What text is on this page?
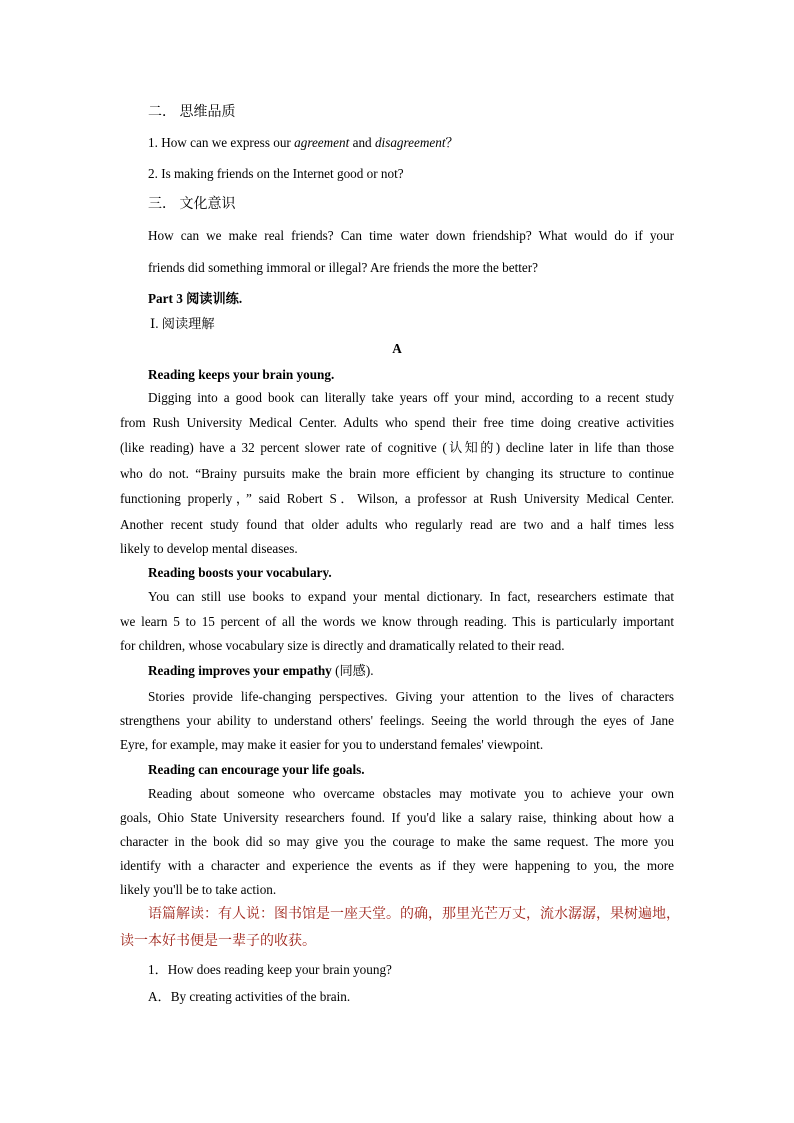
二． 思维品质
1. How can we express our agreement and disagreement？
2. Is making friends on the Internet good or not?
三． 文化意识
How can we make real friends? Can time water down friendship? What would do if your
friends did something immoral or illegal? Are friends the more the better?
Part 3 阅读训练.
Ⅰ. 阅读理解
A
Reading keeps your brain young.
Digging into a good book can literally take years off your mind, according to a recent study
from Rush University Medical Center. Adults who spend their free time doing creative activities
(like reading) have a 32 percent slower rate of cognitive (认知的) decline later in life than those
who do not. “Brainy pursuits make the brain more efficient by changing its structure to continue
functioning properly，” said Robert S．Wilson, a professor at Rush University Medical Center.
Another recent study found that older adults who regularly read are two and a half times less
likely to develop mental diseases.
Reading boosts your vocabulary.
You can still use books to expand your mental dictionary. In fact, researchers estimate that
we learn 5 to 15 percent of all the words we know through reading. This is particularly important
for children, whose vocabulary size is directly and dramatically related to their read.
Reading improves your empathy (同感).
Stories provide life-changing perspectives. Giving your attention to the lives of characters
strengthens your ability to understand others' feelings. Seeing the world through the eyes of Jane
Eyre, for example, may make it easier for you to understand females' viewpoint.
Reading can encourage your life goals.
Reading about someone who overcame obstacles may motivate you to achieve your own
goals, Ohio State University researchers found. If you'd like a salary raise, thinking about how a
character in the book did so may give you the courage to make the same request. The more you
identify with a character and experience the events as if they were happening to you, the more
likely you'll be to take action.
语篇解读：有人说：图书馆是一座天堂。的确，那里光芒万丈，流水潺潺，果树遍地，
读一本好书便是一辈子的收获。
1．How does reading keep your brain young?
A．By creating activities of the brain.
